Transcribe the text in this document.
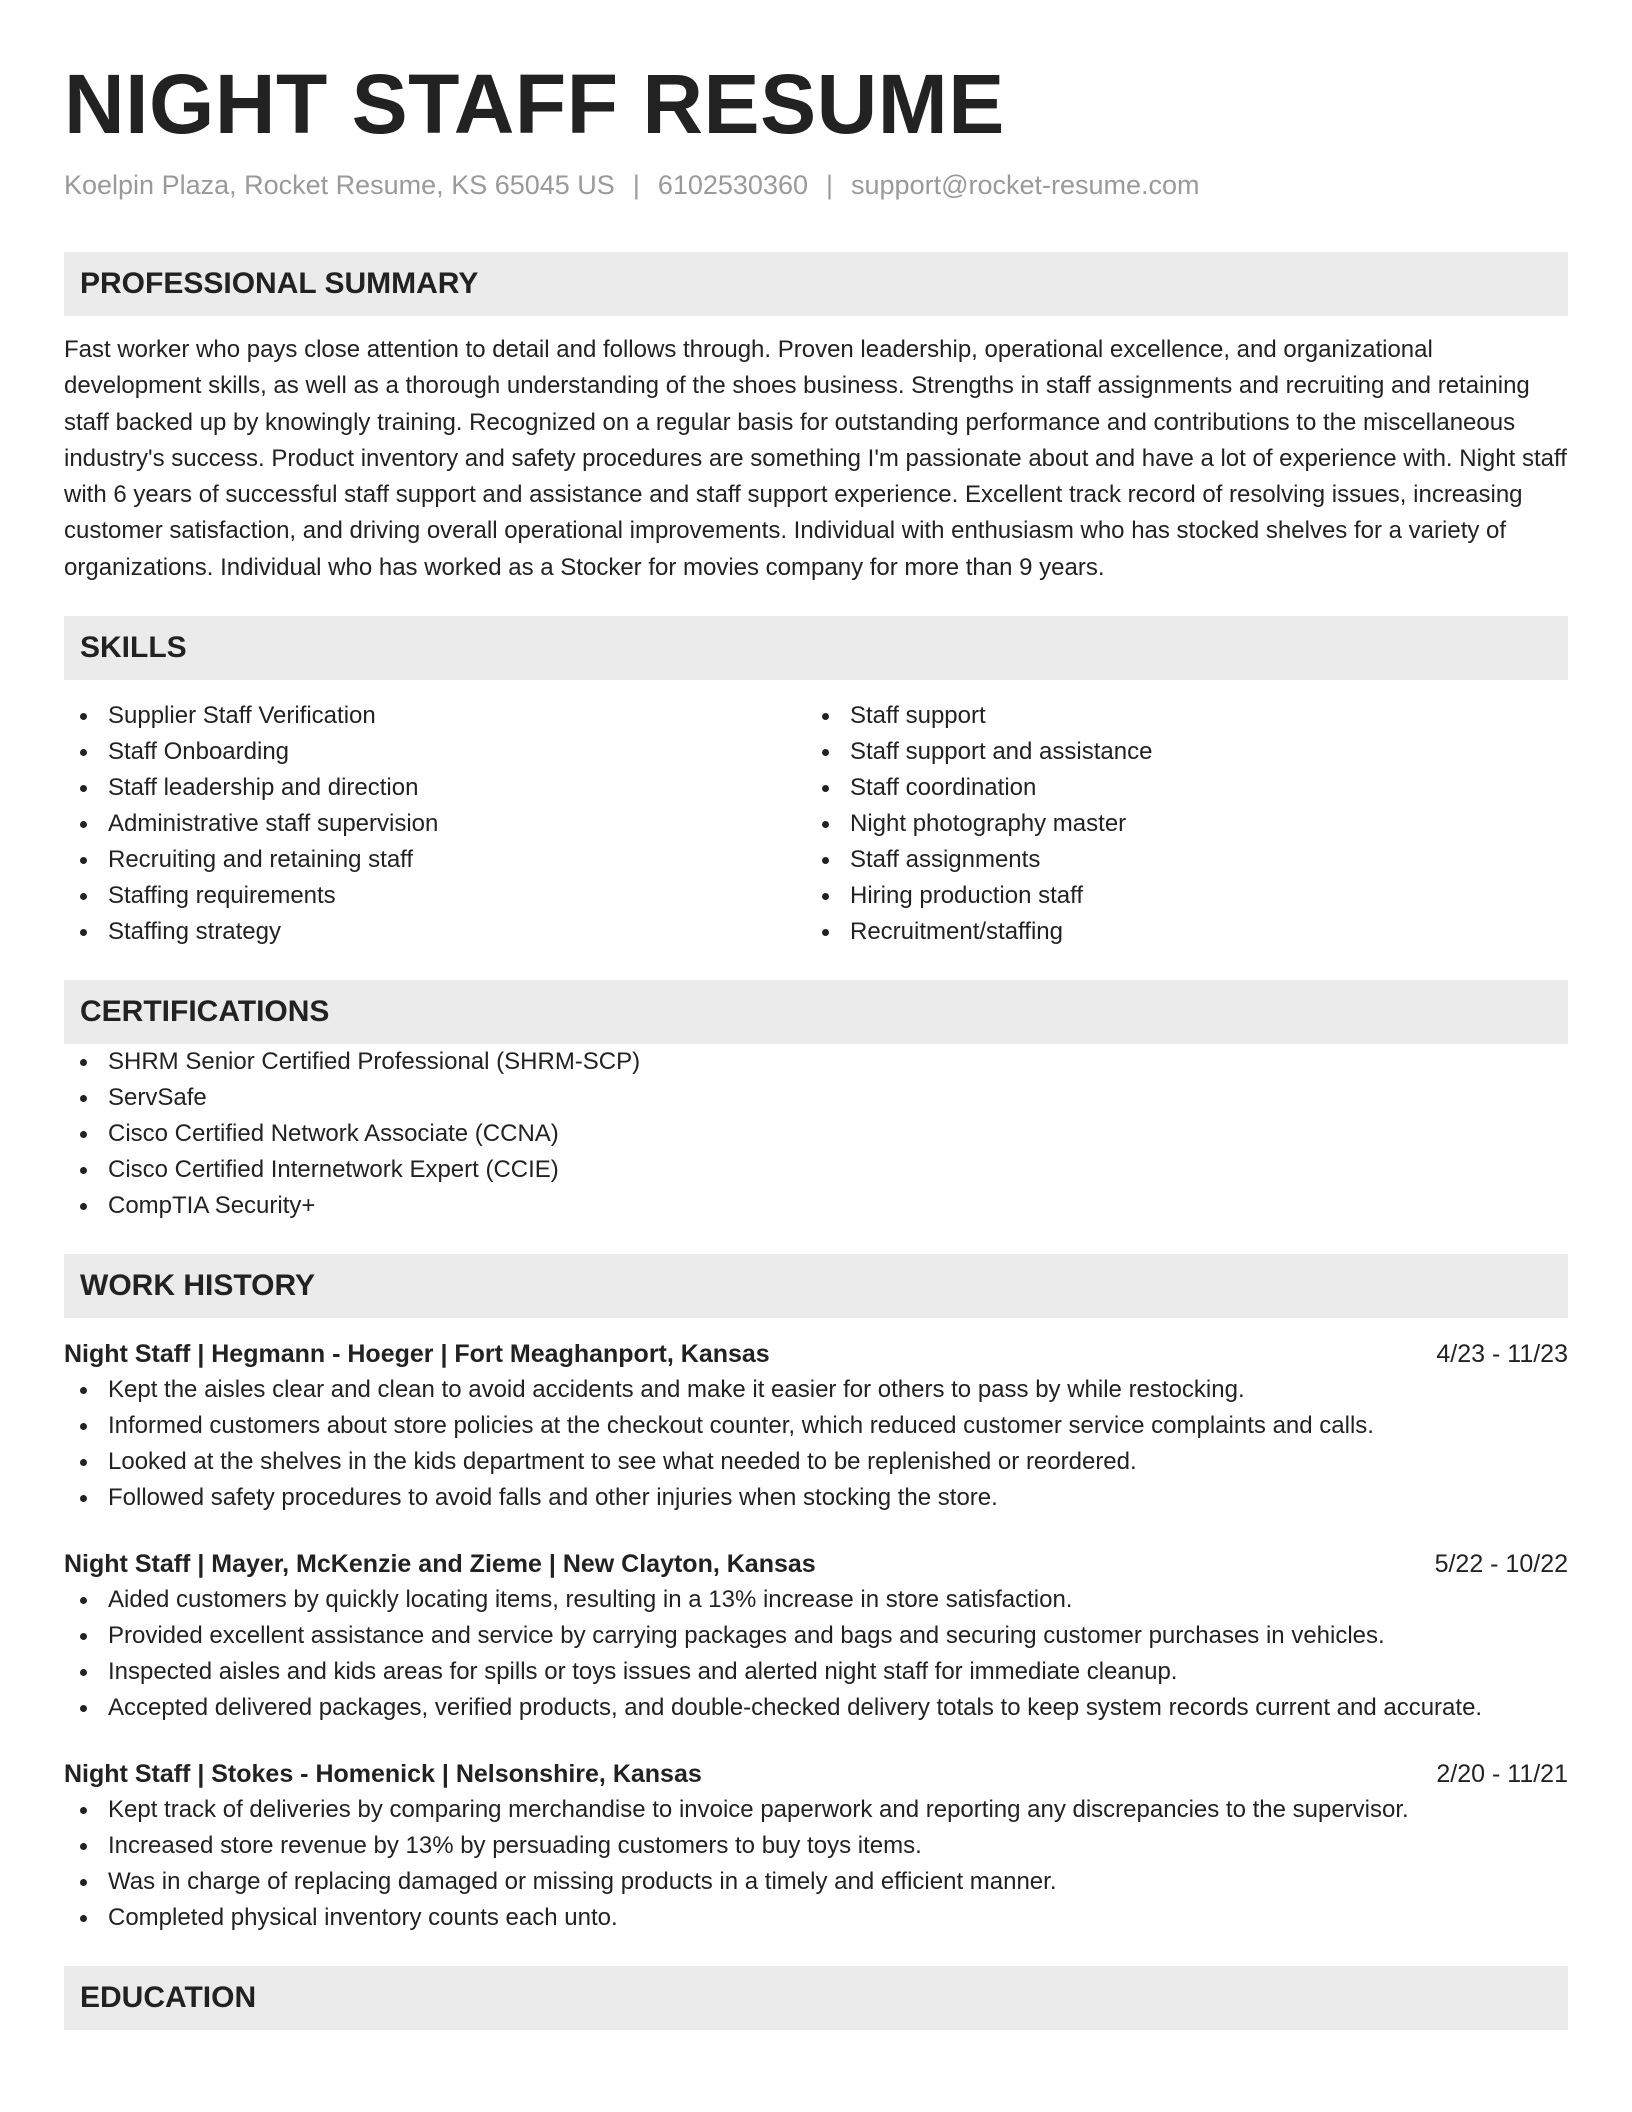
NIGHT STAFF RESUME
Koelpin Plaza, Rocket Resume, KS 65045 US | 6102530360 | support@rocket-resume.com
PROFESSIONAL SUMMARY

Fast worker who pays close attention to detail and follows through. Proven leadership, operational excellence, and organizational development skills, as well as a thorough understanding of the shoes business. Strengths in staff assignments and recruiting and retaining staff backed up by knowingly training. Recognized on a regular basis for outstanding performance and contributions to the miscellaneous industry's success. Product inventory and safety procedures are something I'm passionate about and have a lot of experience with. Night staff with 6 years of successful staff support and assistance and staff support experience. Excellent track record of resolving issues, increasing customer satisfaction, and driving overall operational improvements. Individual with enthusiasm who has stocked shelves for a variety of organizations. Individual who has worked as a Stocker for movies company for more than 9 years.

SKILLS
Supplier Staff Verification
Staff Onboarding
Staff leadership and direction
Administrative staff supervision
Recruiting and retaining staff
Staffing requirements
Staffing strategy
Staff support
Staff support and assistance
Staff coordination
Night photography master
Staff assignments
Hiring production staff
Recruitment/staffing
CERTIFICATIONS
SHRM Senior Certified Professional (SHRM-SCP)
ServSafe
Cisco Certified Network Associate (CCNA)
Cisco Certified Internetwork Expert (CCIE)
CompTIA Security+
WORK HISTORY
Night Staff | Hegmann - Hoeger | Fort Meaghanport, Kansas	4/23 - 11/23
Kept the aisles clear and clean to avoid accidents and make it easier for others to pass by while restocking.
Informed customers about store policies at the checkout counter, which reduced customer service complaints and calls.
Looked at the shelves in the kids department to see what needed to be replenished or reordered.
Followed safety procedures to avoid falls and other injuries when stocking the store.
Night Staff | Mayer, McKenzie and Zieme | New Clayton, Kansas	5/22 - 10/22
Aided customers by quickly locating items, resulting in a 13% increase in store satisfaction.
Provided excellent assistance and service by carrying packages and bags and securing customer purchases in vehicles.
Inspected aisles and kids areas for spills or toys issues and alerted night staff for immediate cleanup.
Accepted delivered packages, verified products, and double-checked delivery totals to keep system records current and accurate.
Night Staff | Stokes - Homenick | Nelsonshire, Kansas	2/20 - 11/21
Kept track of deliveries by comparing merchandise to invoice paperwork and reporting any discrepancies to the supervisor.
Increased store revenue by 13% by persuading customers to buy toys items.
Was in charge of replacing damaged or missing products in a timely and efficient manner.
Completed physical inventory counts each unto.
EDUCATION
